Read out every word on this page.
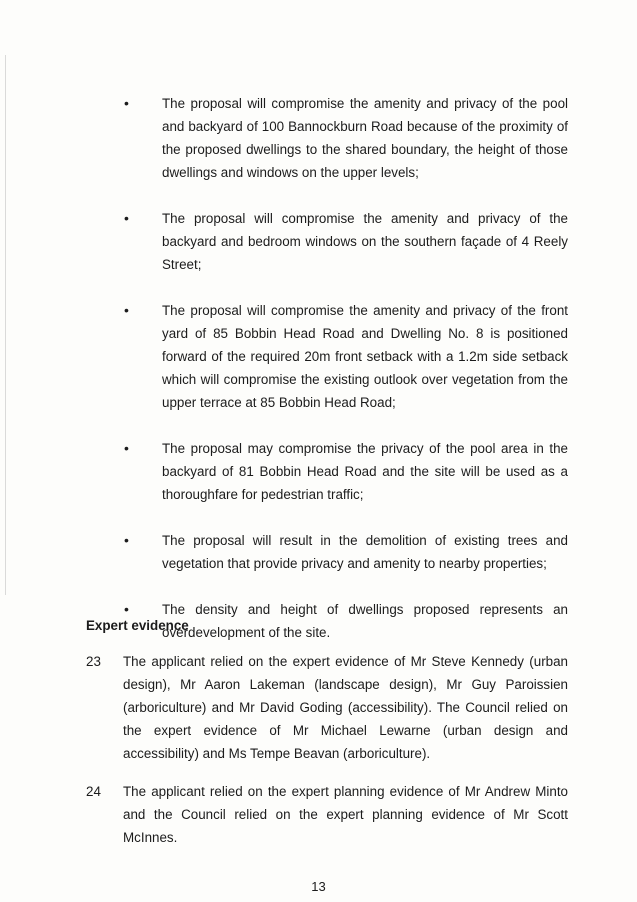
• The proposal will compromise the amenity and privacy of the pool and backyard of 100 Bannockburn Road because of the proximity of the proposed dwellings to the shared boundary, the height of those dwellings and windows on the upper levels;
• The proposal will compromise the amenity and privacy of the backyard and bedroom windows on the southern façade of 4 Reely Street;
• The proposal will compromise the amenity and privacy of the front yard of 85 Bobbin Head Road and Dwelling No. 8 is positioned forward of the required 20m front setback with a 1.2m side setback which will compromise the existing outlook over vegetation from the upper terrace at 85 Bobbin Head Road;
• The proposal may compromise the privacy of the pool area in the backyard of 81 Bobbin Head Road and the site will be used as a thoroughfare for pedestrian traffic;
• The proposal will result in the demolition of existing trees and vegetation that provide privacy and amenity to nearby properties;
• The density and height of dwellings proposed represents an overdevelopment of the site.
Expert evidence
23 The applicant relied on the expert evidence of Mr Steve Kennedy (urban design), Mr Aaron Lakeman (landscape design), Mr Guy Paroissien (arboriculture) and Mr David Goding (accessibility). The Council relied on the expert evidence of Mr Michael Lewarne (urban design and accessibility) and Ms Tempe Beavan (arboriculture).
24 The applicant relied on the expert planning evidence of Mr Andrew Minto and the Council relied on the expert planning evidence of Mr Scott McInnes.
13
